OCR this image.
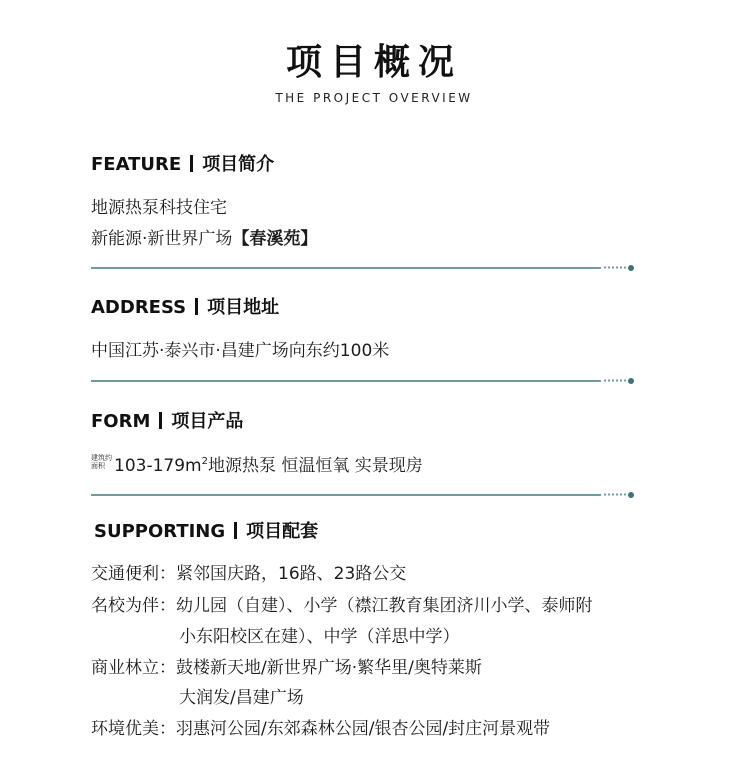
项目概况
THE PROJECT OVERVIEW
FEATURE 项目简介
地源热泵科技住宅
新能源·新世界广场【春溪苑】
ADDRESS 项目地址
中国江苏·泰兴市·昌建广场向东约100米
FORM 项目产品
建筑约
面积 $103-179m^2$地源热泵 恒温恒氧 实景现房
SUPPORTING 项目配套
交通便利：紧邻国庆路，16路、23路公交
名校为伴：幼儿园（自建）、小学（襟江教育集团济川小学、泰师附
小东阳校区在建）、中学（洋思中学）
商业林立：鼓楼新天地/新世界广场·繁华里/奥特莱斯
大润发/昌建广场
环境优美：羽惠河公园/东郊森林公园/银杏公园/封庄河景观带
